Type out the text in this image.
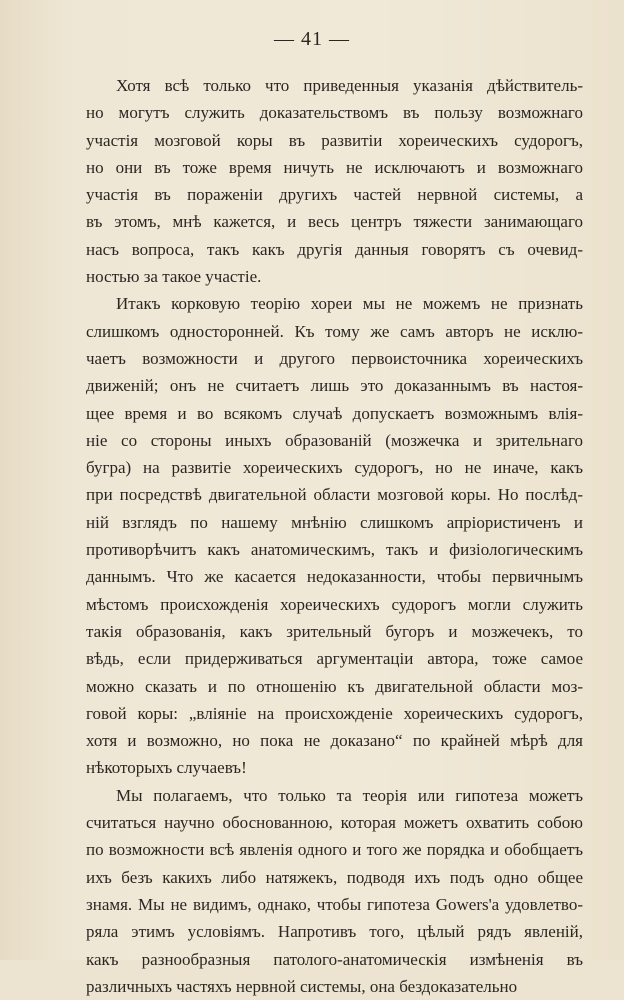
— 41 —
Хотя всѣ только что приведенныя указанія дѣйствитель-
но могутъ служить доказательствомъ въ пользу возможнаго
участія мозговой коры въ развитіи хореическихъ судорогъ,
но они въ тоже время ничуть не исключаютъ и возможнаго
участія въ пораженіи другихъ частей нервной системы, а
въ этомъ, мнѣ кажется, и весь центръ тяжести занимающаго
насъ вопроса, такъ какъ другія данныя говорятъ съ очевид-
ностью за такое участіе.
Итакъ корковую теорію хореи мы не можемъ не признать
слишкомъ односторонней. Къ тому же самъ авторъ не исклю-
чаетъ возможности и другого первоисточника хореическихъ
движеній; онъ не считаетъ лишь это доказаннымъ въ настоя-
щее время и во всякомъ случаѣ допускаетъ возможнымъ влія-
ніе со стороны иныхъ образованій (мозжечка и зрительнаго
бугра) на развитіе хореическихъ судорогъ, но не иначе, какъ
при посредствѣ двигательной области мозговой коры. Но послѣд-
ній взглядъ по нашему мнѣнію слишкомъ апріористиченъ и
противорѣчитъ какъ анатомическимъ, такъ и физіологическимъ
даннымъ. Что же касается недоказанности, чтобы первичнымъ
мѣстомъ происхожденія хореическихъ судорогъ могли служить
такія образованія, какъ зрительный бугоръ и мозжечекъ, то
вѣдь, если придерживаться аргументаціи автора, тоже самое
можно сказать и по отношенію къ двигательной области моз-
говой коры: „вліяніе на происхожденіе хореическихъ судорогъ,
хотя и возможно, но пока не доказано“ по крайней мѣрѣ для
нѣкоторыхъ случаевъ!
Мы полагаемъ, что только та теорія или гипотеза можетъ
считаться научно обоснованною, которая можетъ охватить собою
по возможности всѣ явленія одного и того же порядка и обобщаетъ
ихъ безъ какихъ либо натяжекъ, подводя ихъ подъ одно общее
знамя. Мы не видимъ, однако, чтобы гипотеза Gowers'а удовлетво-
ряла этимъ условіямъ. Напротивъ того, цѣлый рядъ явленій,
какъ разнообразныя патолого-анатомическія измѣненія въ
различныхъ частяхъ нервной системы, она бездоказательно
